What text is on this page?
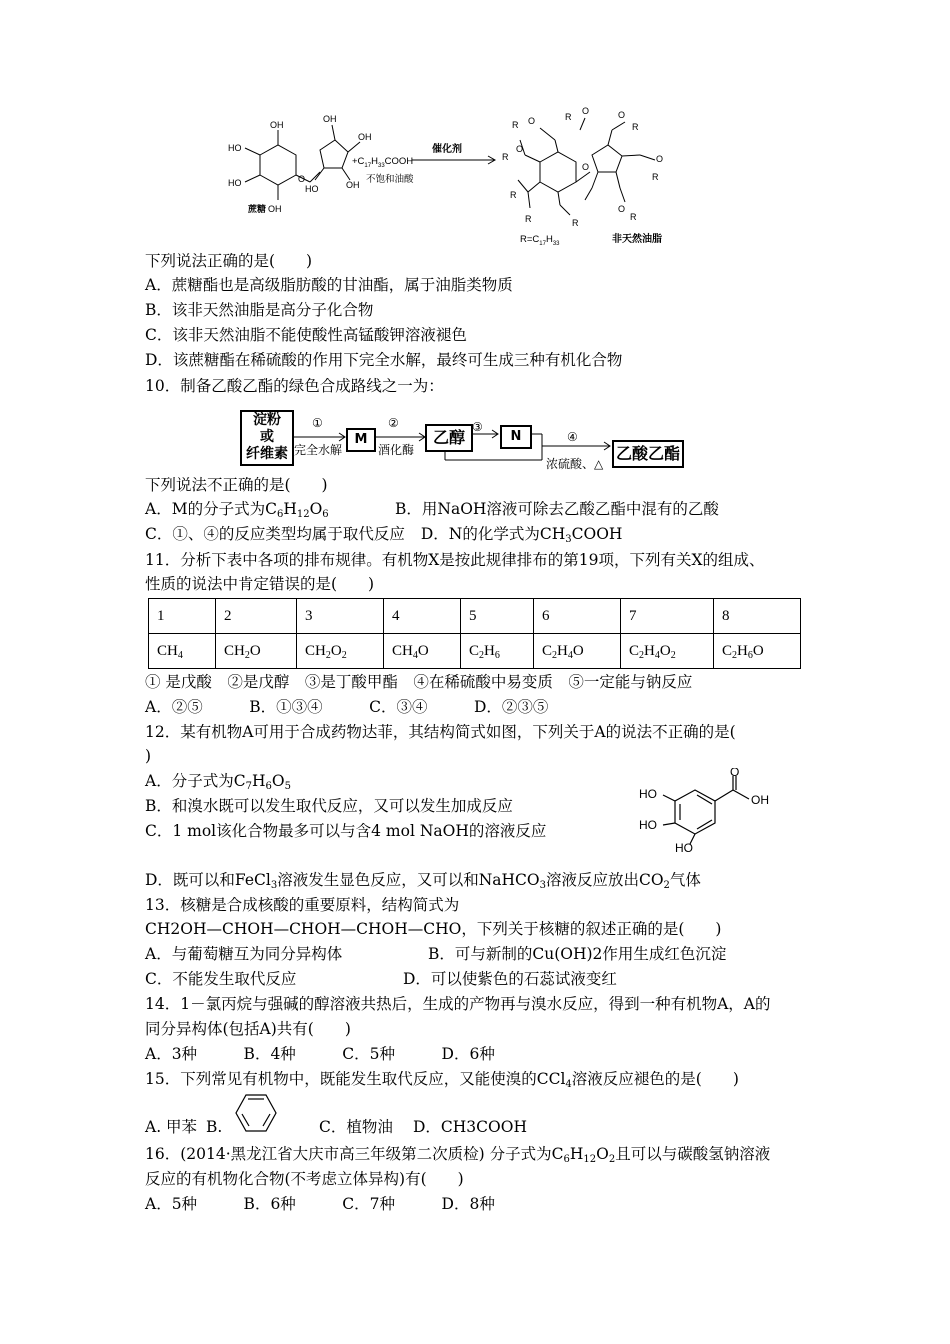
HO
HO
OH
OH
O
OH
OH
OH
HO
蔗糖
$+C_{17}H_{33}COOH$
不饱和油酸
催化剂
R O	R
O	O
R
R
O
O
R
R
R	R
O
R
O
$R=C_{17}H_{33}$	非天然油脂
下列说法正确的是(　　)
A．蔗糖酯也是高级脂肪酸的甘油酯，属于油脂类物质
B．该非天然油脂是高分子化合物
C．该非天然油脂不能使酸性高锰酸钾溶液褪色
D．该蔗糖酯在稀硫酸的作用下完全水解，最终可生成三种有机化合物
10．制备乙酸乙酯的绿色合成路线之一为：
淀粉
或
纤维素
①
完全水解
M
②
酒化酶
乙醇
③
N	④
浓硫酸、△
乙酸乙酯
下列说法不正确的是(　　)
A．M的分子式为$C_6H_{12}O_6$	B．用NaOH溶液可除去乙酸乙酯中混有的乙酸
C．①、④的反应类型均属于取代反应 D．N的化学式为$CH_3COOH$
11．分析下表中各项的排布规律。有机物X是按此规律排布的第19项，下列有关X的组成、
性质的说法中肯定错误的是(　　)
1	2	3	4	5	6	7	8
$CH_4$	$CH_2O$	$CH_2O_2$	$CH_4O$	$C_2H_6$	$C_2H_4O$	$C_2H_4O_2$	$C_2H_6O$
① 是戊酸　②是戊醇　③是丁酸甲酯　④在稀硫酸中易变质　⑤一定能与钠反应
A．②⑤　　　B．①③④　　　C．③④　　　D．②③⑤
12．某有机物A可用于合成药物达菲，其结构简式如图，下列关于A的说法不正确的是(
)
A．分子式为$C_7H_6O_5$
B．和溴水既可以发生取代反应，又可以发生加成反应
C．1 mol该化合物最多可以与含4 mol NaOH的溶液反应
O
OH
HO
HO
HO
D．既可以和FeCl$_3$溶液发生显色反应，又可以和NaHCO$_3$溶液反应放出$CO_2$气体
13．核糖是合成核酸的重要原料，结构简式为
CH2OH—CHOH—CHOH—CHOH—CHO，下列关于核糖的叙述正确的是(　　)
A．与葡萄糖互为同分异构体	B．可与新制的Cu(OH)2作用生成红色沉淀
C．不能发生取代反应	D．可以使紫色的石蕊试液变红
14．1－氯丙烷与强碱的醇溶液共热后，生成的产物再与溴水反应，得到一种有机物A，A的
同分异构体(包括A)共有(　　)
A．3种　　　B．4种　　　C．5种　　　D．6种
15．下列常见有机物中，既能发生取代反应，又能使溴的CCl$_4$溶液反应褪色的是(　　)
A. 甲苯 B.	C．植物油 D．CH3COOH
16．(2014·黑龙江省大庆市高三年级第二次质检) 分子式为$C_6H_{12}O_2$且可以与碳酸氢钠溶液
反应的有机物化合物(不考虑立体异构)有(　　)
A．5种　　　B．6种　　　C．7种　　　D．8种
